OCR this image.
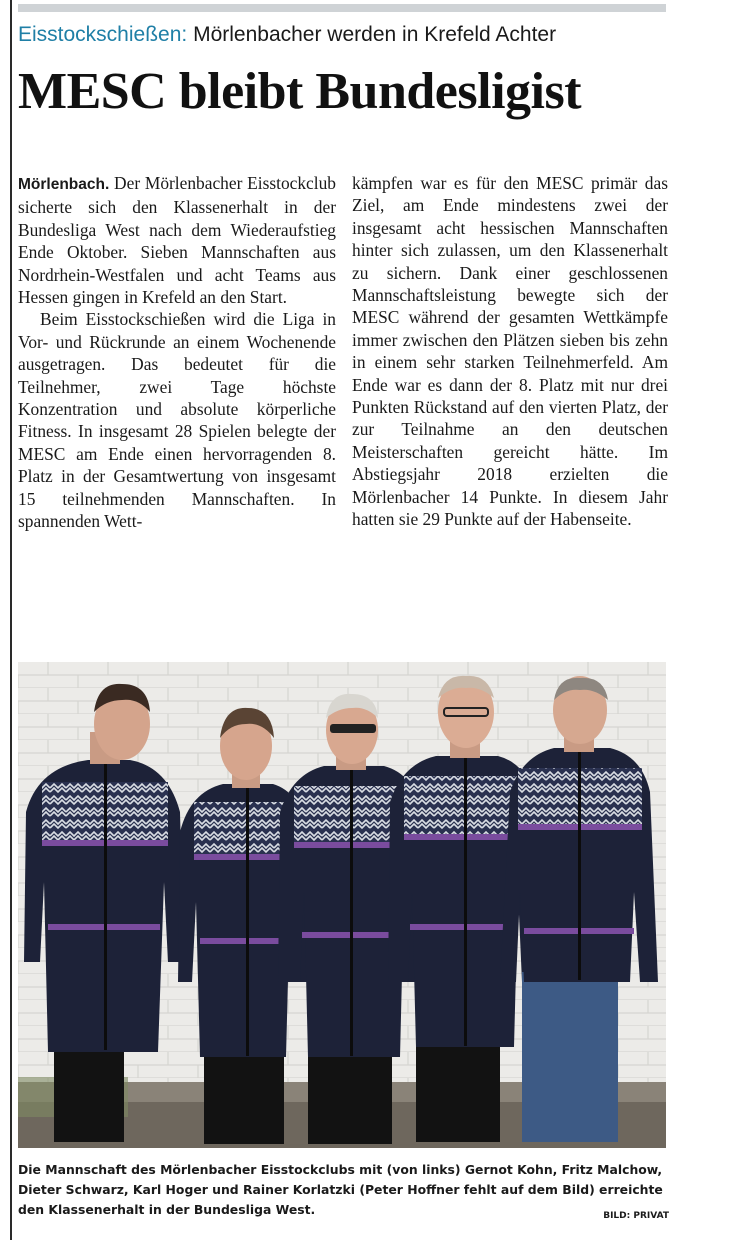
Eisstockschießen: Mörlenbacher werden in Krefeld Achter
MESC bleibt Bundesligist

Mörlenbach. Der Mörlenbacher Eisstockclub sicherte sich den Klassenerhalt in der Bundesliga West nach dem Wiederaufstieg Ende Oktober. Sieben Mannschaften aus Nordrhein-Westfalen und acht Teams aus Hessen gingen in Krefeld an den Start.

Beim Eisstockschießen wird die Liga in Vor- und Rückrunde an einem Wochenende ausgetragen. Das bedeutet für die Teilnehmer, zwei Tage höchste Konzentration und absolute körperliche Fitness. In insgesamt 28 Spielen belegte der MESC am Ende einen hervorragenden 8. Platz in der Gesamtwertung von insgesamt 15 teilnehmenden Mannschaften. In spannenden Wett-

kämpfen war es für den MESC primär das Ziel, am Ende mindestens zwei der insgesamt acht hessischen Mannschaften hinter sich zulassen, um den Klassenerhalt zu sichern. Dank einer geschlossenen Mannschaftsleistung bewegte sich der MESC während der gesamten Wettkämpfe immer zwischen den Plätzen sieben bis zehn in einem sehr starken Teilnehmerfeld. Am Ende war es dann der 8. Platz mit nur drei Punkten Rückstand auf den vierten Platz, der zur Teilnahme an den deutschen Meisterschaften gereicht hätte. Im Abstiegsjahr 2018 erzielten die Mörlenbacher 14 Punkte. In diesem Jahr hatten sie 29 Punkte auf der Habenseite.

Die Mannschaft des Mörlenbacher Eisstockclubs mit (von links) Gernot Kohn, Fritz Malchow, Dieter Schwarz, Karl Hoger und Rainer Korlatzki (Peter Hoffner fehlt auf dem Bild) erreichte den Klassenerhalt in der Bundesliga West.	BILD: PRIVAT
